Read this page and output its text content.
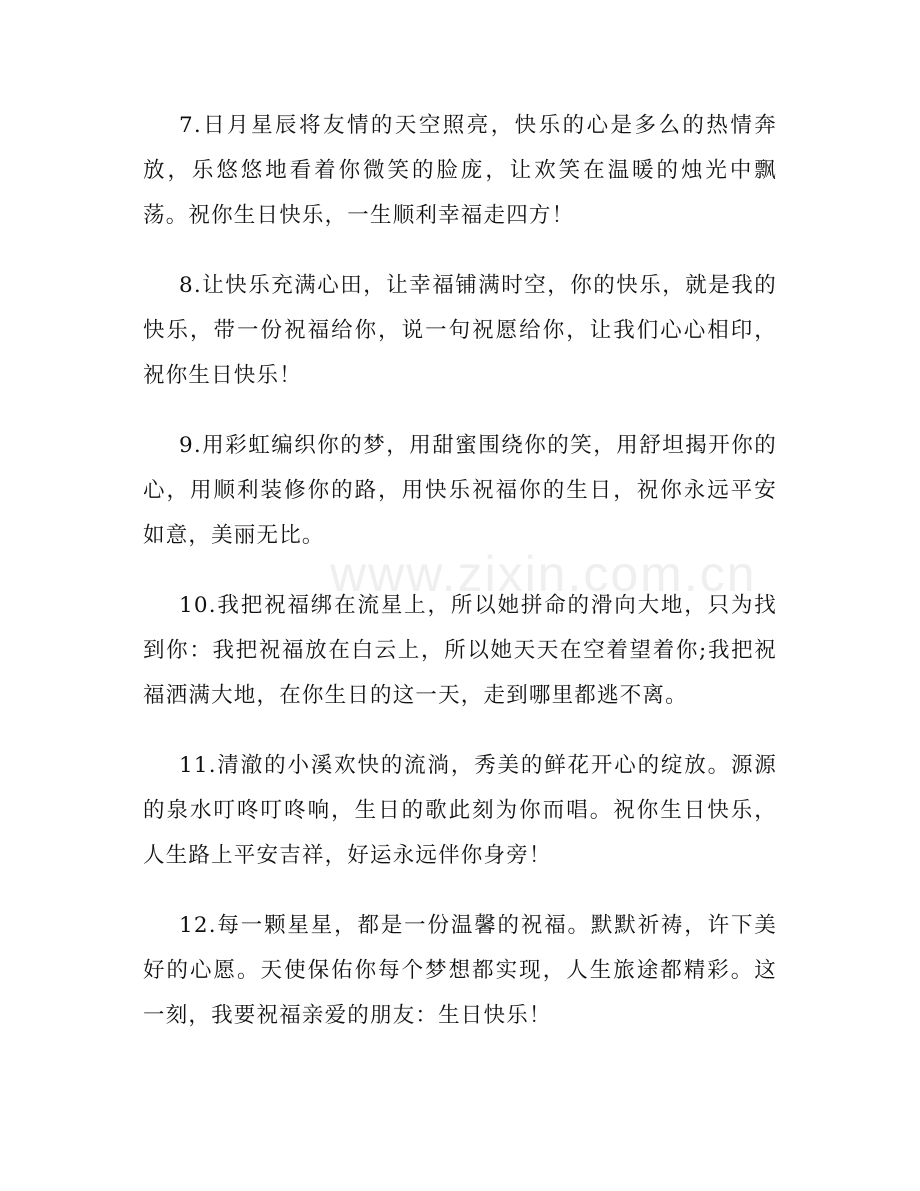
7.日月星辰将友情的天空照亮，快乐的心是多么的热情奔放，乐悠悠地看着你微笑的脸庞，让欢笑在温暖的烛光中飘荡。祝你生日快乐，一生顺利幸福走四方！

8.让快乐充满心田，让幸福铺满时空，你的快乐，就是我的快乐，带一份祝福给你，说一句祝愿给你，让我们心心相印，祝你生日快乐！

9.用彩虹编织你的梦，用甜蜜围绕你的笑，用舒坦揭开你的心，用顺利装修你的路，用快乐祝福你的生日，祝你永远平安如意，美丽无比。

10.我把祝福绑在流星上，所以她拼命的滑向大地，只为找到你：我把祝福放在白云上，所以她天天在空着望着你;我把祝福洒满大地，在你生日的这一天，走到哪里都逃不离。

11.清澈的小溪欢快的流淌，秀美的鲜花开心的绽放。源源的泉水叮咚叮咚响，生日的歌此刻为你而唱。祝你生日快乐，人生路上平安吉祥，好运永远伴你身旁！

12.每一颗星星，都是一份温馨的祝福。默默祈祷，许下美好的心愿。天使保佑你每个梦想都实现，人生旅途都精彩。这一刻，我要祝福亲爱的朋友：生日快乐！

www.zixin.com.cn
